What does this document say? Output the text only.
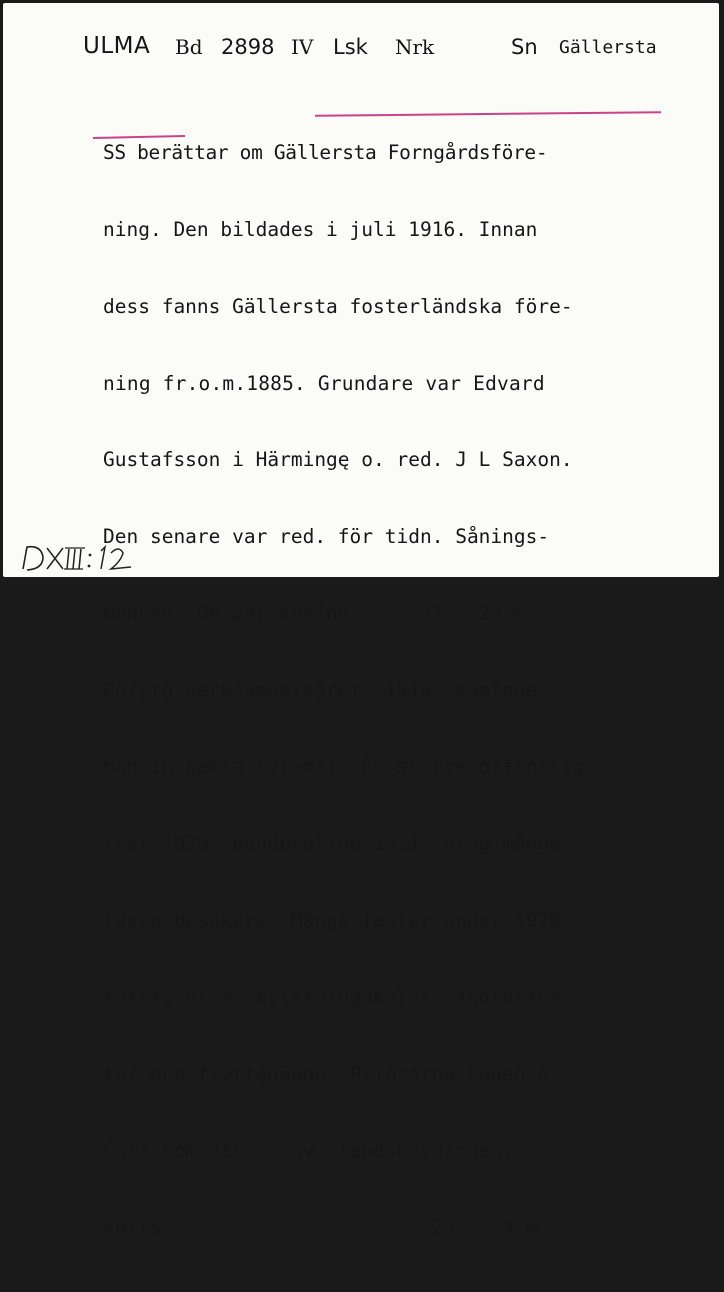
ULMA Bd 2898 IV Lsk Nrk	Sn Gällersta

SS berättar om Gällersta Forngårdsföre-

ning. Den bildades i juli 1916. Innan

dess fanns Gällersta fosterländska före-

ning fr.o.m.1885. Grundare var Edvard

Gustafsson i Härmingę o. red. J L Saxon.

Den senare var red. för tidn. Sånings-

mannen. De var kusiner.    21 - 23 m

Första verksamhetsåret, 1916, samlade

man in gamla föremål. En större offentlig

fest 1920, bondbröllop 1921. Drog många

tusen besökare. Många fester under 1920-

talet, bl.a. kristningakalas, skördefes-

ter och flyttegänge. Prinsarna Eugen o.

Carl kom dit o. äv. landshövdingen.

Forts.                      23 - 24 m
